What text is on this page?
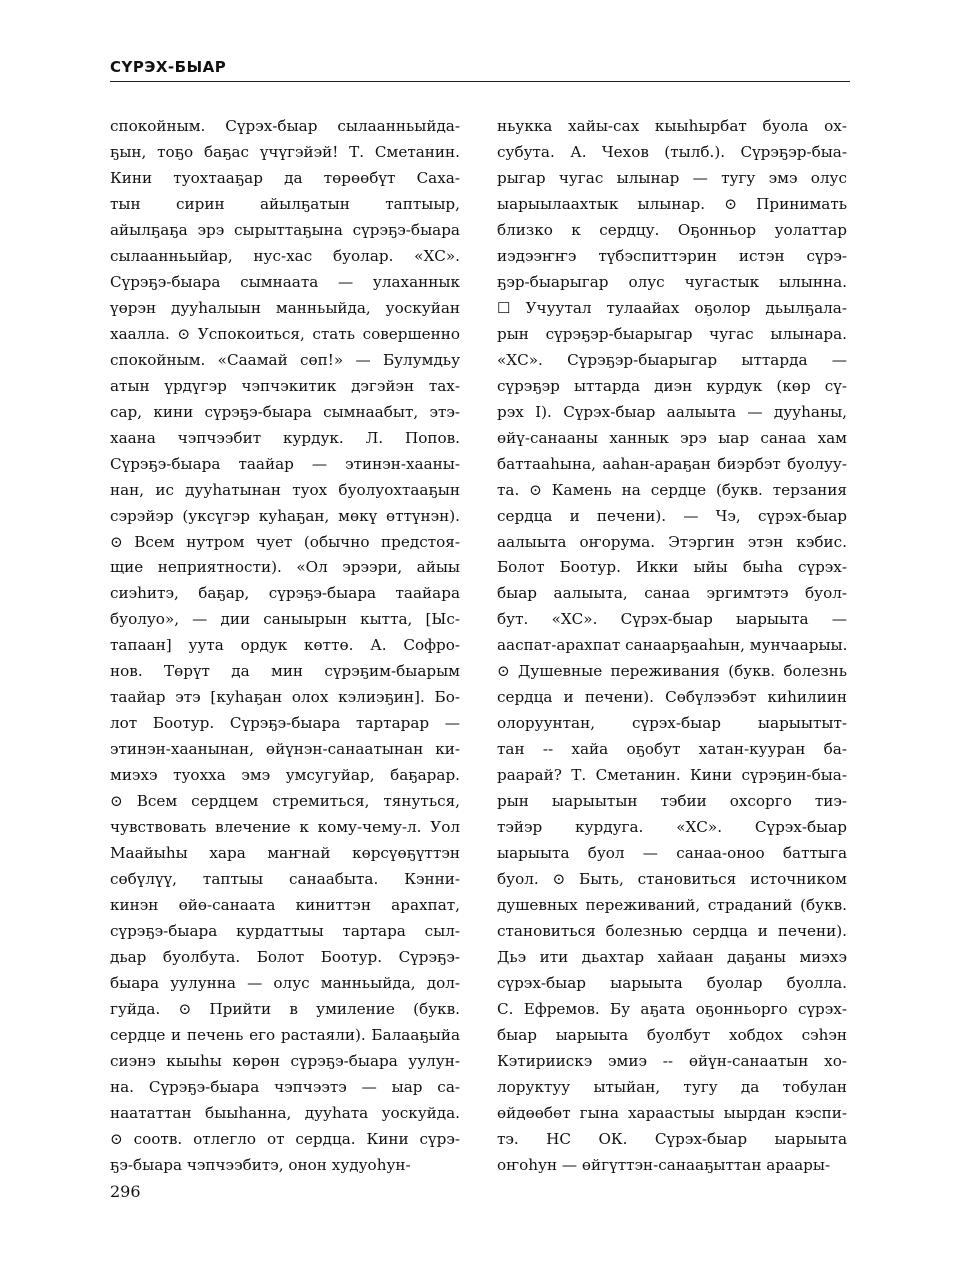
СҮРЭХ-БЫАР
спокойным. Сүрэх-быар сылаанньыйда-
ҕын, тоҕо баҕас үчүгэйэй! Т. Сметанин.
Кини туохтааҕар да төрөөбүт Саха-
тын сирин айылҕатын таптыыр,
айылҕаҕа эрэ сырыттаҕына сүрэҕэ-быара
сылаанньыйар, нус-хас буолар. «ХС».
Сүрэҕэ-быара сымнаата — улаханнык
үөрэн дууһалыын манньыйда, уоскуйан
хаалла. ⊙ Успокоиться, стать совершенно
спокойным. «Саамай сөп!» — Булумдьу
атын үрдүгэр чэпчэкитик дэгэйэн тах-
сар, кини сүрэҕэ-быара сымнаабыт, этэ-
хаана чэпчээбит курдук. Л. Попов.
Сүрэҕэ-быара таайар — этинэн-хааны-
нан, ис дууһатынан туох буолуохтааҕын
сэрэйэр (уксүгэр куһаҕан, мөкү өттүнэн).
⊙ Всем нутром чует (обычно предстоя-
щие неприятности). «Ол эрээри, айыы
сиэһитэ, баҕар, сүрэҕэ-быара таайара
буолуо», — дии саныырын кытта, [Ыс-
тапаан] уута ордук көттө. А. Софро-
нов. Төрүт да мин сүрэҕим-быарым
таайар этэ [куһаҕан олох кэлиэҕин]. Бо-
лот Боотур. Сүрэҕэ-быара тартарар —
этинэн-хаанынан, өйүнэн-санаатынан ки-
миэхэ туохха эмэ умсугуйар, баҕарар.
⊙ Всем сердцем стремиться, тянуться,
чувствовать влечение к кому-чему-л. Уол
Маайыһы хара маҥнай көрсүөҕүттэн
сөбүлүү, таптыы санаабыта. Кэнни-
кинэн өйө-санаата киниттэн арахпат,
сүрэҕэ-быара курдаттыы тартара сыл-
дьар буолбута. Болот Боотур. Сүрэҕэ-
быара уулунна — олус манньыйда, дол-
гуйда. ⊙ Прийти в умиление (букв.
сердце и печень его растаяли). Балааҕыйа
сиэнэ кыыһы көрөн сүрэҕэ-быара уулун-
на. Сүрэҕэ-быара чэпчээтэ — ыар са-
наататтан быыһанна, дууһата уоскуйда.
⊙ соотв. отлегло от сердца. Кини сүрэ-
ҕэ-быара чэпчээбитэ, онон худуоһун-
ньукка хайы-сах кыыһырбат буола ох-
субута. А. Чехов (тылб.). Сүрэҕэр-быа-
рыгар чугас ылынар — тугу эмэ олус
ыарыылаахтык ылынар. ⊙ Принимать
близко к сердцу. Оҕонньор уолаттар
иэдээҥҥэ түбэспиттэрин истэн сүрэ-
ҕэр-быарыгар олус чугастык ылынна.
☐ Учуутал тулаайах оҕолор дьылҕала-
рын сүрэҕэр-быарыгар чугас ылынара.
«ХС». Сүрэҕэр-быарыгар ыттарда —
сүрэҕэр ыттарда диэн курдук (көр сү-
рэх I). Сүрэх-быар аалыыта — дууһаны,
өйү-санааны ханнык эрэ ыар санаа хам
баттааһына, ааһан-араҕан биэрбэт буолуу-
та. ⊙ Камень на сердце (букв. терзания
сердца и печени). — Чэ, сүрэх-быар
аалыыта оҥорума. Этэргин этэн кэбис.
Болот Боотур. Икки ыйы быһа сүрэх-
быар аалыыта, санаа эргимтэтэ буол-
бут. «ХС». Сүрэх-быар ыарыыта —
ааспат-арахпат санаарҕааһын, мунчаарыы.
⊙ Душевные переживания (букв. болезнь
сердца и печени). Сөбүлээбэт киһилиин
олоруунтан, сүрэх-быар ыарыытыт-
тан -- хайа оҕобут хатан-куурaн ба-
раарай? Т. Сметанин. Кини сүрэҕин-быа-
рын ыарыытын тэбии охсорго тиэ-
тэйэр курдуга. «ХС». Сүрэх-быар
ыарыыта буол — санаа-оноо баттыга
буол. ⊙ Быть, становиться источником
душевных переживаний, страданий (букв.
становиться болезнью сердца и печени).
Дьэ ити дьахтар хайаан даҕаны миэхэ
сүрэх-быар ыарыыта буолар буолла.
С. Ефремов. Бу аҕата оҕонньорго сүрэх-
быар ыарыыта буолбут хобдох сэһэн
Кэтириискэ эмиэ -- өйүн-санаатын хо-
лоруктуу ытыйан, тугу да тобулан
өйдөөбөт гына хараастыы ыырдан кэспи-
тэ. НС ОК. Сүрэх-быар ыарыыта
оҥоһун — өйгүттэн-санааҕыттан араары-
296
